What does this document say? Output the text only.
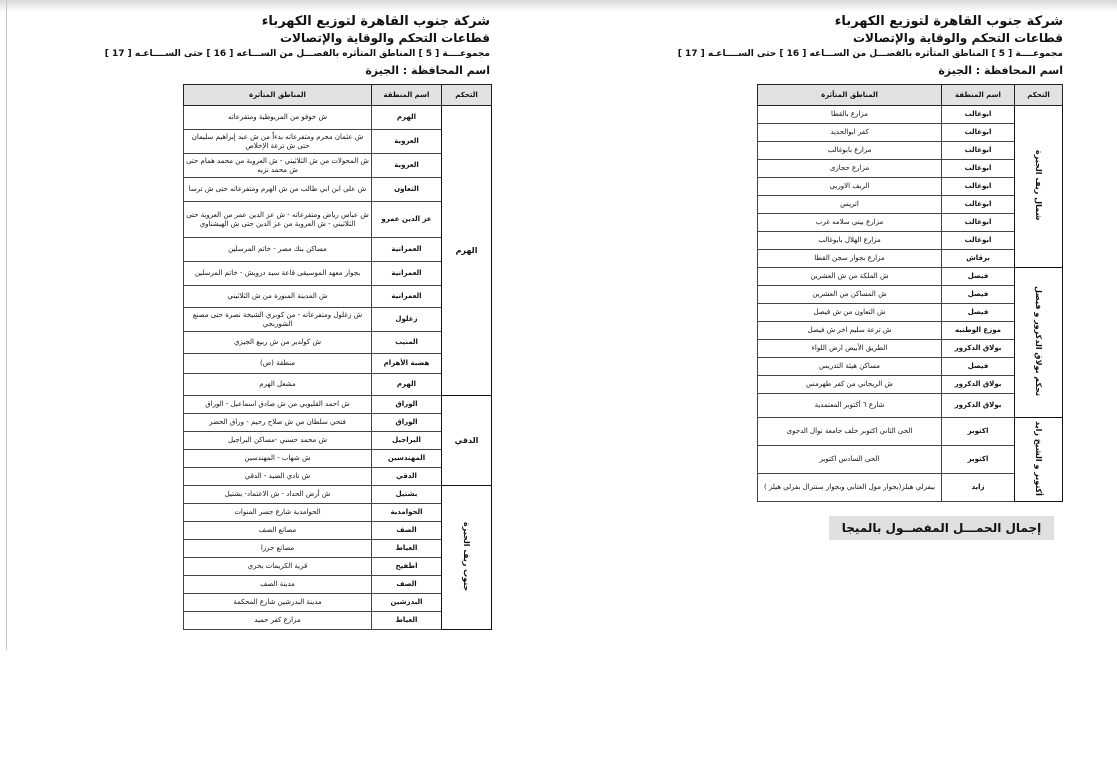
شركة جنوب القاهرة لتوزيع الكهرباء
قطاعات التحكم والوقاية والإتصالات
مجموعــــة [ 5 ] المناطق المتأثره بالفصـــل من الســـاعه [ 16 ] حتى الســــاعـه [ 17 ]
اسم المحافظة : الجيزة
التحكم	اسم المنطقة	المناطق المتأثرة
الهرم	الهرم	ش خوفو من المريوطية ومتفرعاته
	العروبة	ش عثمان محرم ومتفرعاته بدءاً من ش عبد إبراهيم سليمان حتى ش ترعة الإخلاص
	العروبة	ش المحولات من ش الثلاثيني - ش العروبة من محمد همام حتى ش محمد نزيه
	التعاون	ش علي ابن ابي طالب من ش الهرم ومتفرعاته حتى ش ترسا
	عز الدين عمرو	ش عباس رياض ومتفرعاته - ش عز الدين عمر من العروبة حتى الثلاثيني - ش العروبة من عز الدين حتى ش الهيشناوي
	العمرانية	مساكن بنك مصر - خاتم المرسلين
	العمرانية	بجوار معهد الموسيقى قاعة سيد درويش - خاتم المرسلين
	العمرانية	ش المدينة المنورة من ش الثلاثيني
	زغلول	ش زغلول ومتفرعاته - من كوبري الشيخة نصرة حتى مصنع الشوربجي
	المنيب	ش كولدير من ش ربيع الجيزي
	هضبة الأهرام	منطقة (ص)
	الهرم	مشعل الهرم
الدقي	الوراق	ش احمد القليوبي من ش صادق اسماعيل - الوراق
	الوراق	فتحي سلطان من ش صلاح رحيم - وراق الحضر
	البراجيل	ش محمد حسني -مساكن البراجيل
	المهندسين	ش شهاب - المهندسين
	الدقي	ش نادي الصيد - الدقي
جنوب ريف الجيزة	بشتيل	ش أرض الحداد - ش الاعتماد- بشتيل
	الحوامدية	الحوامدية شارع جسر المنوات
	الصف	مصانع الصف
	العياط	مصانع جرزا
	اطفيح	قرية الكريمات بحري
	الصف	مدينة الصف
	البدرشين	مدينة البدرشين شارع المحكمة
	العياط	مزارع كفر حميد
شركة جنوب القاهرة لتوزيع الكهرباء
قطاعات التحكم والوقاية والإتصالات
مجموعــــة [ 5 ] المناطق المتأثره بالفصـــل من الســـاعه [ 16 ] حتى الســــاعـه [ 17 ]
اسم المحافظة : الجيزة
التحكم	اسم المنطقة	المناطق المتأثرة
شمال ريف الجيزة	ابوغالب	مزارع بالقطا
	ابوغالب	كفر ابوالحديد
	ابوغالب	مزارع بابوغالب
	ابوغالب	مزارع حجازى
	ابوغالب	الريف الاوربى
	ابوغالب	اتريس
	ابوغالب	مزارع بيني سلامه غرب
	ابوغالب	مزارع الهلال بابوغالب
	برقاش	مزارع بجوار سجن القطا
تحكم بولاق الدكرور و فيصل	فيصل	ش الملكة من ش العشرين
	فيصل	ش المساكن من العشرين
	فيصل	ش التعاون من ش فيصل
	موزع الوطنيه	ش ترعة سليم اخر ش فيصل
	بولاق الدكرور	الطريق الأبيض ارض اللواء
	فيصل	مساكن هيئة التدريس
	بولاق الدكرور	ش الريحاني من كفر طهرمس
	بولاق الدكرور	شارع ٦ أكتوبر المعتمدية
أكتوبر و الشيخ زايد	اكتوبر	الحى الثاني اكتوبر خلف جامعة نوال الدجوى
	اكتوبر	الحى السادس اكتوبر
	زايد	بيفرلي هيلز(بجوار مول العتابي وبجوار سنترال بفرلي هيلز )
إجمال الحمـــل المفصــول بالميجا
